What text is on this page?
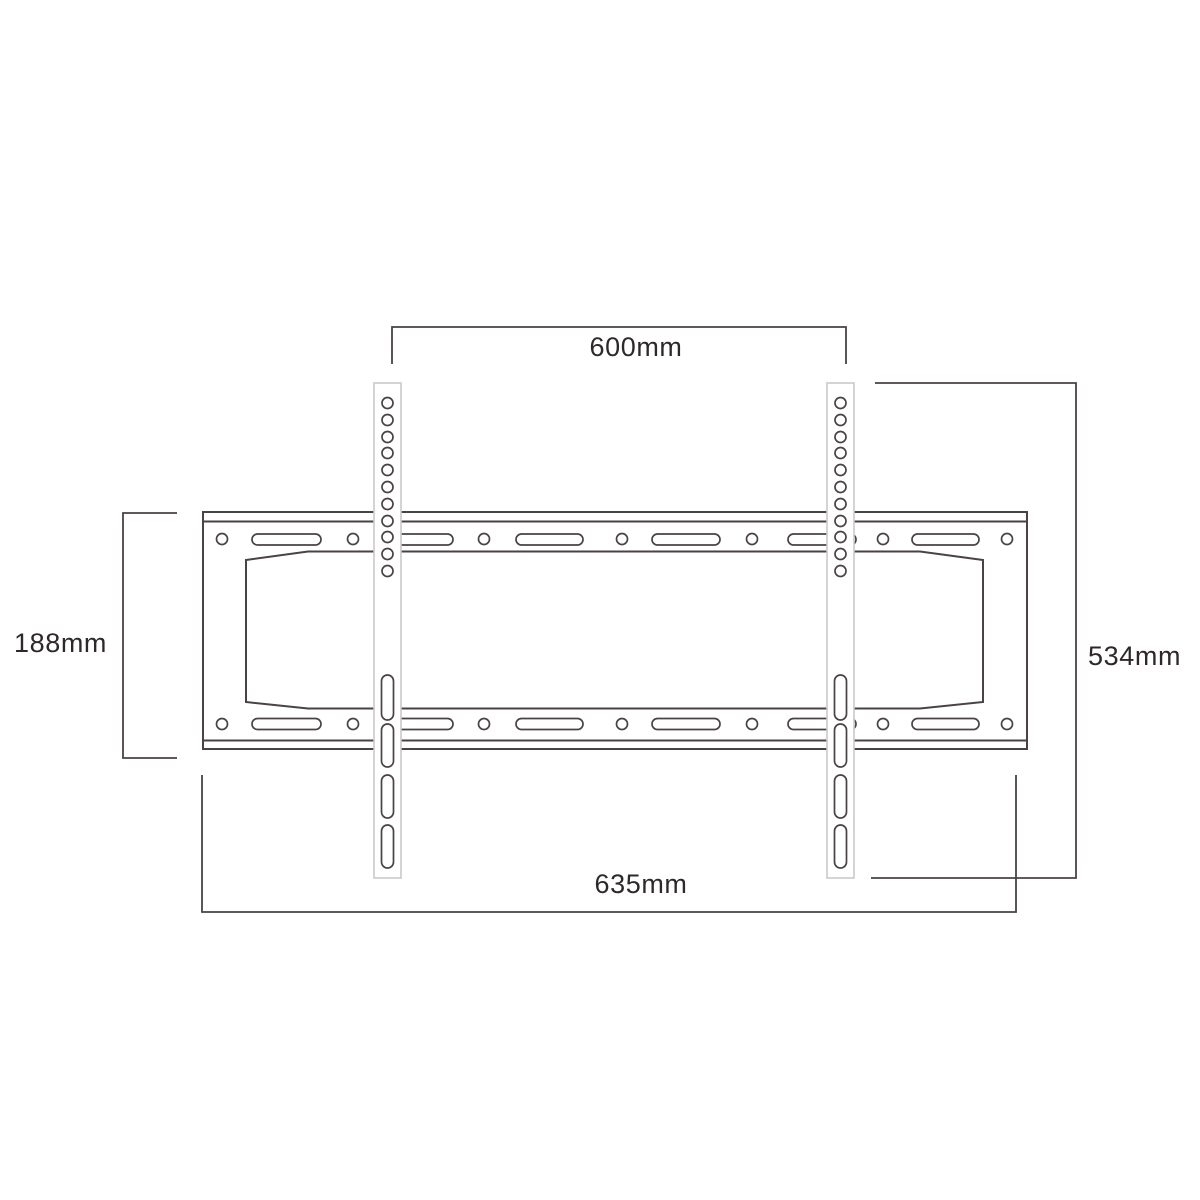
600mm
188mm	534mm
635mm
